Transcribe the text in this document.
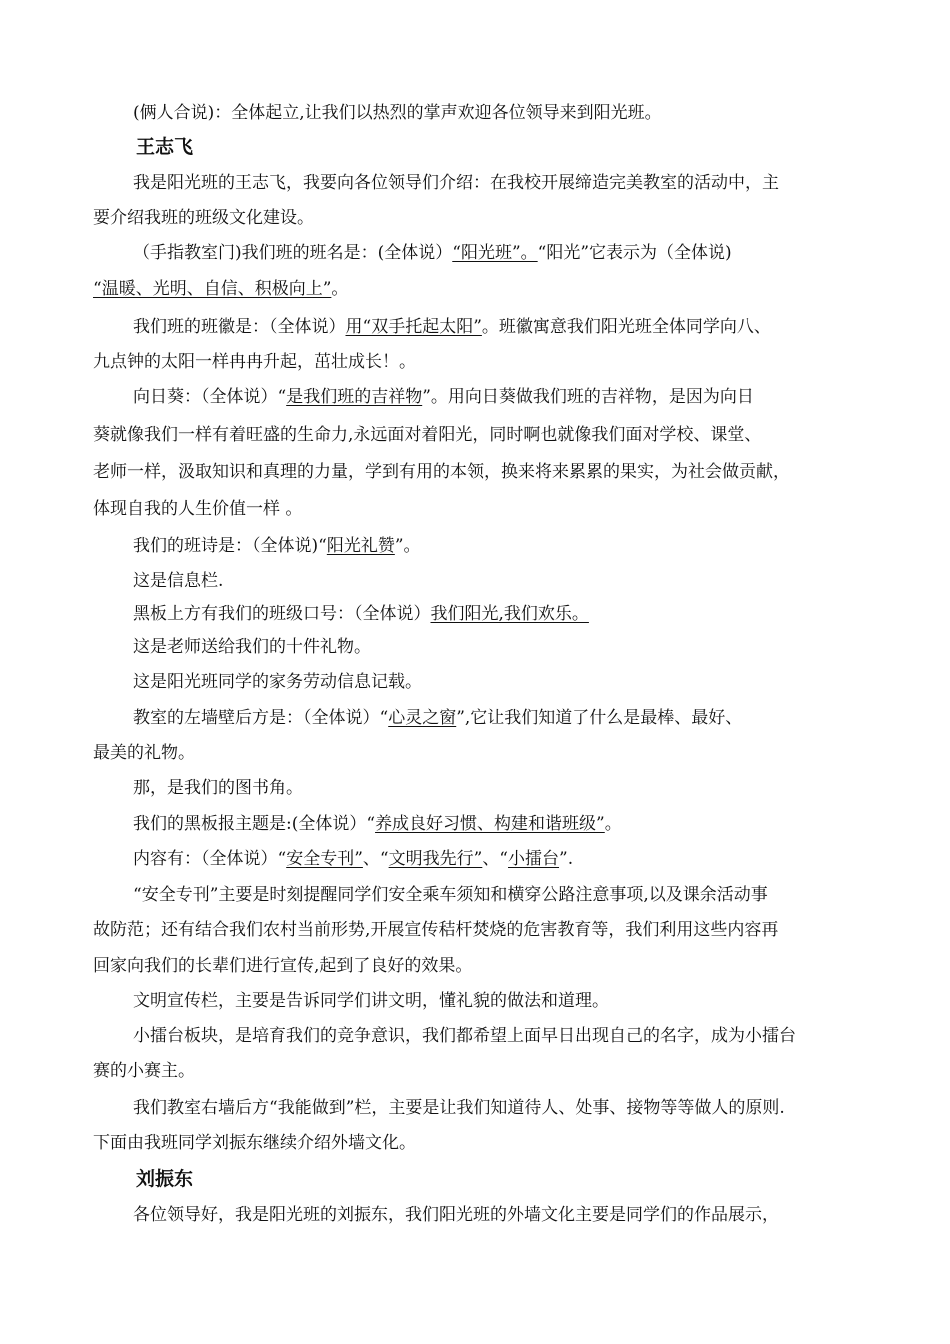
(俩人合说)：全体起立,让我们以热烈的掌声欢迎各位领导来到阳光班。
王志飞
我是阳光班的王志飞，我要向各位领导们介绍：在我校开展缔造完美教室的活动中，主
要介绍我班的班级文化建设。
（手指教室门)我们班的班名是：(全体说）“阳光班”。“阳光”它表示为（全体说)
“温暖、光明、自信、积极向上”。
我们班的班徽是：（全体说）用“双手托起太阳”。班徽寓意我们阳光班全体同学向八、
九点钟的太阳一样冉冉升起，茁壮成长！。
向日葵：（全体说）“是我们班的吉祥物”。用向日葵做我们班的吉祥物，是因为向日
葵就像我们一样有着旺盛的生命力,永远面对着阳光，同时啊也就像我们面对学校、课堂、
老师一样，汲取知识和真理的力量，学到有用的本领，换来将来累累的果实，为社会做贡献，
体现自我的人生价值一样 。
我们的班诗是：（全体说)“阳光礼赞”。
这是信息栏.
黑板上方有我们的班级口号：（全体说）我们阳光,我们欢乐。
这是老师送给我们的十件礼物。
这是阳光班同学的家务劳动信息记载。
教室的左墙壁后方是：（全体说）“心灵之窗”,它让我们知道了什么是最棒、最好、
最美的礼物。
那，是我们的图书角。
我们的黑板报主题是:(全体说）“养成良好习惯、构建和谐班级”。
内容有：（全体说）“安全专刊”、“文明我先行”、“小擂台”.
“安全专刊”主要是时刻提醒同学们安全乘车须知和横穿公路注意事项,以及课余活动事
故防范；还有结合我们农村当前形势,开展宣传秸杆焚烧的危害教育等，我们利用这些内容再
回家向我们的长辈们进行宣传,起到了良好的效果。
文明宣传栏，主要是告诉同学们讲文明，懂礼貌的做法和道理。
小擂台板块，是培育我们的竞争意识，我们都希望上面早日出现自己的名字，成为小擂台
赛的小赛主。
我们教室右墙后方“我能做到”栏，主要是让我们知道待人、处事、接物等等做人的原则.
下面由我班同学刘振东继续介绍外墙文化。
刘振东
各位领导好，我是阳光班的刘振东，我们阳光班的外墙文化主要是同学们的作品展示，
